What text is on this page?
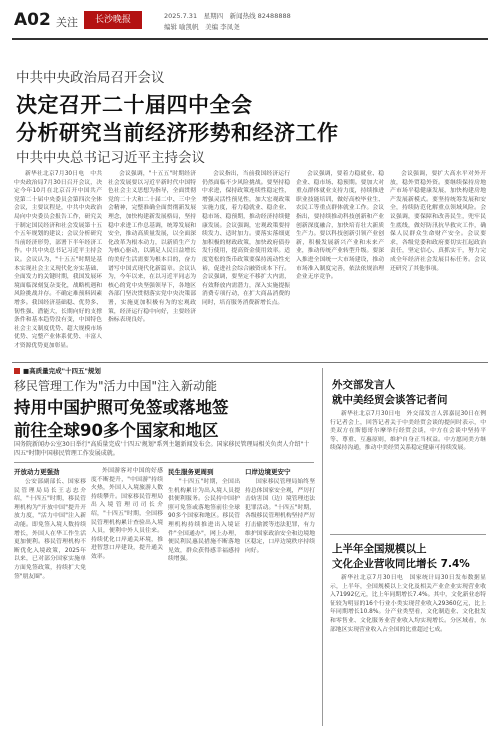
A02 关注	长沙晚报	2025.7.31　星期四　新闻热线 82488888
编辑 喻凯帆　美编 李凤尧
中共中央政治局召开会议
决定召开二十届四中全会
分析研究当前经济形势和经济工作
中共中央总书记习近平主持会议

新华社北京7月30日电　中共中央政治局7月30日召开会议，决定今年10月在北京召开中国共产党第二十届中央委员会第四次全体会议，主要议程是，中共中央政治局向中央委员会报告工作，研究关于制定国民经济和社会发展第十五个五年规划的建议；会议分析研究当前经济形势，部署下半年经济工作。中共中央总书记习近平主持会议。会议认为，"十五五"时期是基本实现社会主义现代化夯实基础、全面发力的关键时期，我国发展环境面临深刻复杂变化，战略机遇和风险挑战并存。不确定难预料因素增多。我国经济基础稳、优势多、韧性强、潜能大，长期向好的支撑条件和基本趋势没有变，中国特色社会主义制度优势、超大规模市场优势、完整产业体系优势、丰富人才资源优势更加彰显。

会议强调，"十五五"时期经济社会发展要以习近平新时代中国特色社会主义思想为指导，全面贯彻党的二十大和二十届二中、三中全会精神，完整准确全面贯彻新发展理念，加快构建新发展格局，坚持稳中求进工作总基调，统筹发展和安全，推动高质量发展，以全面深化改革为根本动力，以新质生产力为核心驱动，以满足人民日益增长的美好生活需要为根本目的，奋力谱写中国式现代化新篇章。会议认为，今年以来，在以习近平同志为核心的党中央坚强领导下，各地区各部门坚决贯彻落实党中央决策部署，实施更加积极有为的宏观政策，经济运行稳中向好，主要经济指标表现良好。

会议指出，当前我国经济运行仍然面临不少风险挑战。要坚持稳中求进，保持政策连续性稳定性，增强灵活性预见性，加大宏观政策实施力度，着力稳就业、稳企业、稳市场、稳预期，推动经济持续健康发展。会议强调，宏观政策要持续发力、适时加力。要落实落细更加积极的财政政策，加快政府债券发行使用，提高资金使用效率。适度宽松的货币政策要保持流动性充裕，促进社会综合融资成本下行。会议强调，要坚定不移扩大内需，有效释放内需潜力，深入实施提振消费专项行动，在扩大商品消费的同时，培育服务消费新增长点。

会议强调，要着力稳就业、稳企业、稳市场、稳预期。要加大对重点群体就业支持力度，持续推进职业技能培训，做好高校毕业生、农民工等重点群体就业工作。会议指出，要持续推动科技创新和产业创新深度融合，加快培育壮大新质生产力。要以科技创新引领产业创新，积极发展新兴产业和未来产业，推动传统产业转型升级。要深入推进全国统一大市场建设，推动市场准入制度完善，依法依规治理企业无序竞争。

会议强调，要扩大高水平对外开放，稳外贸稳外资。要继续保持房地产市场平稳健康发展，加快构建房地产发展新模式。要坚持统筹发展和安全，持续防范化解重点领域风险。会议强调，要保障和改善民生，兜牢民生底线，做好防汛抗旱救灾工作，确保人民群众生命财产安全。会议要求，各级党委和政府要切实扛起政治责任，坚定信心、真抓实干，努力完成全年经济社会发展目标任务。会议还研究了其他事项。

■高质量完成"十四五"规划
移民管理工作为"活力中国"注入新动能
持用中国护照可免签或落地签
前往全球90多个国家和地区
国务院新闻办公室30日举行"高质量完成'十四五'规划"系列主题新闻发布会。国家移民管理局相关负责人介绍"十四五"时期中国移民管理工作发展成就。
开放动力更强劲

公安部副部长、国家移民管理局局长王志忠介绍，"十四五"时期，移民管理机构为"开放中国"提升开放力度，"活力中国"注入新动能。即免签入境人数持续增长，外国人在华工作生活更加便利。移民管理机构不断优化入境政策，2025年以来，已对部分国家实施单方面免签政策，持续扩大免签"朋友圈"。

外国游客对中国的好感度不断提升，"中国游"持续火热，外国人入境旅游人数持续攀升。国家移民管理局出入境管理司司长介绍，"十四五"时期，全国移民管理机构累计查验出入境人员，便利中外人员往来。持续优化口岸通关环境，推进智慧口岸建设，提升通关效率。

民生服务更周到

"十四五"时期，全国出生机构累计为出入境人员提供便利服务。公民持中国护照可免签或落地签前往全球90多个国家和地区。移民管理机构持续推进出入境证件"全国通办"，网上办理，便民利民惠民措施不断落地见效，群众获得感幸福感持续增强。

口岸边境更安宁

国家移民管理局始终坚持总体国家安全观，严厉打击妨害国（边）境管理违法犯罪活动。"十四五"时期，各级移民管理机构坚持严厉打击偷渡等违法犯罪，有力维护国家政治安全和边境地区稳定，口岸边境秩序持续向好。

外交部发言人
就中美经贸会谈答记者问

新华社北京7月30日电　外交部发言人郭嘉昆30日在例行记者会上，回答记者关于中美经贸会谈的提问时表示，中美双方在斯德哥尔摩举行经贸会谈，中方在会谈中坚持平等、尊重、互惠原则，维护自身正当权益。中方愿同美方继续保持沟通，推动中美经贸关系稳定健康可持续发展。

上半年全国规模以上
文化企业营收同比增长 7.4%

新华社北京7月30日电　国家统计局30日发布数据显示，上半年，全国规模以上文化及相关产业企业实现营业收入71992亿元，比上年同期增长7.4%。其中，文化新业态特征较为明显的16个行业小类实现营业收入29360亿元，比上年同期增长10.8%。分产业类型看，文化制造业、文化批发和零售业、文化服务业营业收入均实现增长。分区域看，东部地区实现营业收入占全国的比重超过七成。
